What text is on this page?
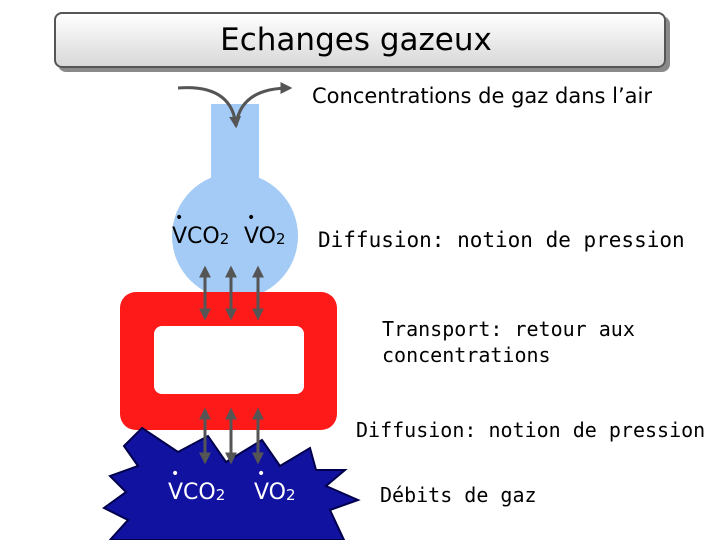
Echanges gazeux
• $VCO_2$ • $VO_2$
• $VCO_2$ • $VO_2$
Concentrations de gaz dans l’air
Diffusion: notion de pression
Transport: retour aux concentrations
Diffusion: notion de pression
Débits de gaz
